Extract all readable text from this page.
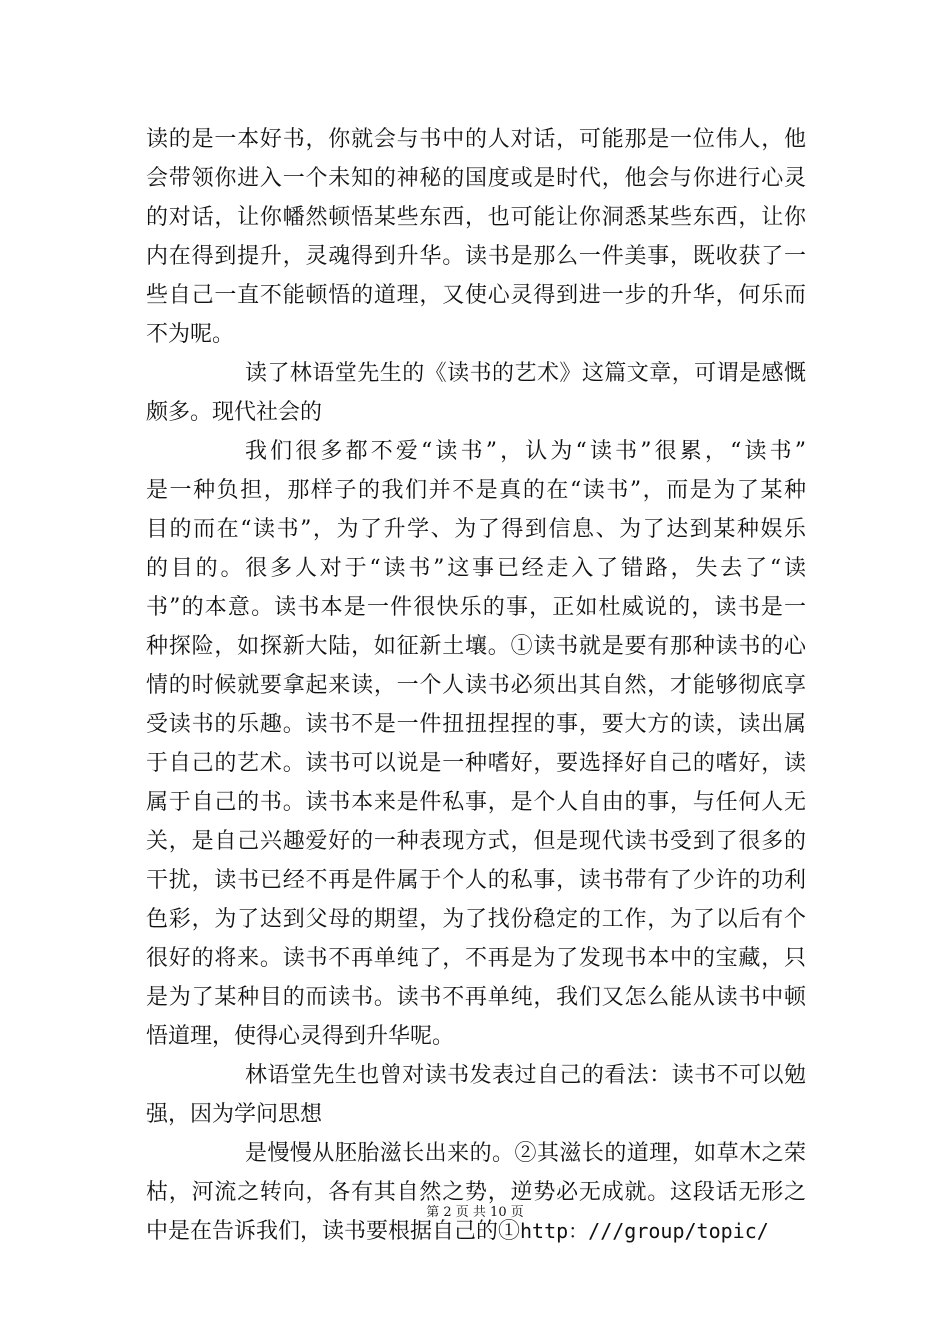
读的是一本好书，你就会与书中的人对话，可能那是一位伟人，他
会带领你进入一个未知的神秘的国度或是时代，他会与你进行心灵
的对话，让你幡然顿悟某些东西，也可能让你洞悉某些东西，让你
内在得到提升，灵魂得到升华。读书是那么一件美事，既收获了一
些自己一直不能顿悟的道理，又使心灵得到进一步的升华，何乐而
不为呢。
读了林语堂先生的《读书的艺术》这篇文章，可谓是感慨
颇多。现代社会的
我们很多都不爱“读书”，认为“读书”很累，“读书”
是一种负担，那样子的我们并不是真的在“读书”，而是为了某种
目的而在“读书”，为了升学、为了得到信息、为了达到某种娱乐
的目的。很多人对于“读书”这事已经走入了错路，失去了“读
书”的本意。读书本是一件很快乐的事，正如杜威说的，读书是一
种探险，如探新大陆，如征新土壤。①读书就是要有那种读书的心
情的时候就要拿起来读，一个人读书必须出其自然，才能够彻底享
受读书的乐趣。读书不是一件扭扭捏捏的事，要大方的读，读出属
于自己的艺术。读书可以说是一种嗜好，要选择好自己的嗜好，读
属于自己的书。读书本来是件私事，是个人自由的事，与任何人无
关，是自己兴趣爱好的一种表现方式，但是现代读书受到了很多的
干扰，读书已经不再是件属于个人的私事，读书带有了少许的功利
色彩，为了达到父母的期望，为了找份稳定的工作，为了以后有个
很好的将来。读书不再单纯了，不再是为了发现书本中的宝藏，只
是为了某种目的而读书。读书不再单纯，我们又怎么能从读书中顿
悟道理，使得心灵得到升华呢。
林语堂先生也曾对读书发表过自己的看法：读书不可以勉
强，因为学问思想
是慢慢从胚胎滋长出来的。②其滋长的道理，如草木之荣
枯，河流之转向，各有其自然之势，逆势必无成就。这段话无形之
中是在告诉我们，读书要根据自己的①http：///group/topic/
第 2 页 共 10 页
